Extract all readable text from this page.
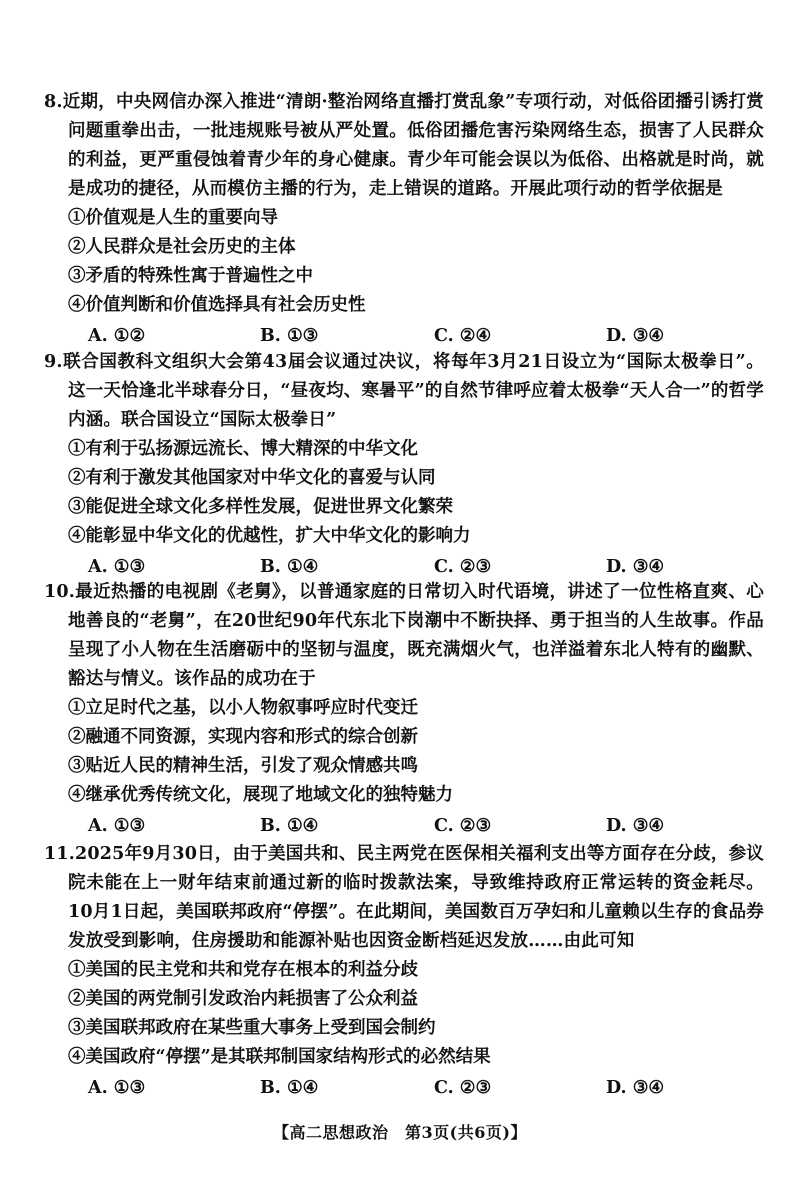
8.近期，中央网信办深入推进“清朗·整治网络直播打赏乱象”专项行动，对低俗团播引诱打赏问题重拳出击，一批违规账号被从严处置。低俗团播危害污染网络生态，损害了人民群众的利益，更严重侵蚀着青少年的身心健康。青少年可能会误以为低俗、出格就是时尚，就是成功的捷径，从而模仿主播的行为，走上错误的道路。开展此项行动的哲学依据是
①价值观是人生的重要向导
②人民群众是社会历史的主体
③矛盾的特殊性寓于普遍性之中
④价值判断和价值选择具有社会历史性
A. ①②	B. ①③	C. ②④	D. ③④
9.联合国教科文组织大会第43届会议通过决议，将每年3月21日设立为“国际太极拳日”。这一天恰逢北半球春分日，“昼夜均、寒暑平”的自然节律呼应着太极拳“天人合一”的哲学内涵。联合国设立“国际太极拳日”
①有利于弘扬源远流长、博大精深的中华文化
②有利于激发其他国家对中华文化的喜爱与认同
③能促进全球文化多样性发展，促进世界文化繁荣
④能彰显中华文化的优越性，扩大中华文化的影响力
A. ①③	B. ①④	C. ②③	D. ③④
10.最近热播的电视剧《老舅》，以普通家庭的日常切入时代语境，讲述了一位性格直爽、心地善良的“老舅”，在20世纪90年代东北下岗潮中不断抉择、勇于担当的人生故事。作品呈现了小人物在生活磨砺中的坚韧与温度，既充满烟火气，也洋溢着东北人特有的幽默、豁达与情义。该作品的成功在于
①立足时代之基，以小人物叙事呼应时代变迁
②融通不同资源，实现内容和形式的综合创新
③贴近人民的精神生活，引发了观众情感共鸣
④继承优秀传统文化，展现了地域文化的独特魅力
A. ①③	B. ①④	C. ②③	D. ③④
11.2025年9月30日，由于美国共和、民主两党在医保相关福利支出等方面存在分歧，参议院未能在上一财年结束前通过新的临时拨款法案，导致维持政府正常运转的资金耗尽。10月1日起，美国联邦政府“停摆”。在此期间，美国数百万孕妇和儿童赖以生存的食品券发放受到影响，住房援助和能源补贴也因资金断档延迟发放……由此可知
①美国的民主党和共和党存在根本的利益分歧
②美国的两党制引发政治内耗损害了公众利益
③美国联邦政府在某些重大事务上受到国会制约
④美国政府“停摆”是其联邦制国家结构形式的必然结果
A. ①③	B. ①④	C. ②③	D. ③④
【高二思想政治　第3页(共6页)】
